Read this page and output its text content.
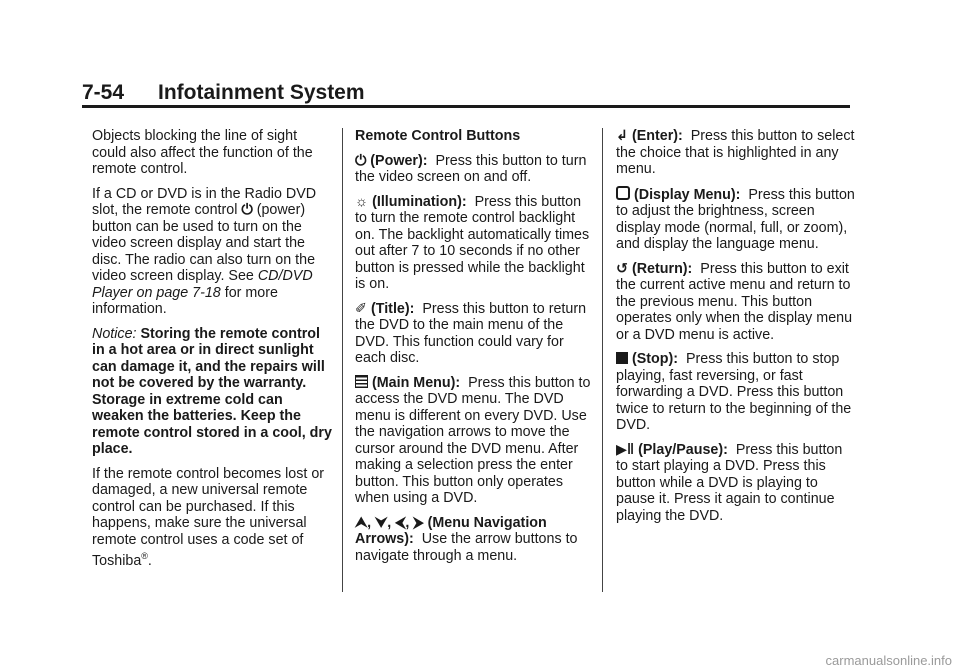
7-54	Infotainment System

Objects blocking the line of sight could also affect the function of the remote control.

If a CD or DVD is in the Radio DVD slot, the remote control ⏻ (power) button can be used to turn on the video screen display and start the disc. The radio can also turn on the video screen display. See CD/DVD Player on page 7-18 for more information.

Notice: Storing the remote control in a hot area or in direct sunlight can damage it, and the repairs will not be covered by the warranty. Storage in extreme cold can weaken the batteries. Keep the remote control stored in a cool, dry place.

If the remote control becomes lost or damaged, a new universal remote control can be purchased. If this happens, make sure the universal remote control uses a code set of Toshiba®.

Remote Control Buttons

⏻ (Power): Press this button to turn the video screen on and off.

☼ (Illumination): Press this button to turn the remote control backlight on. The backlight automatically times out after 7 to 10 seconds if no other button is pressed while the backlight is on.

✐ (Title): Press this button to return the DVD to the main menu of the DVD. This function could vary for each disc.

(Main Menu): Press this button to access the DVD menu. The DVD menu is different on every DVD. Use the navigation arrows to move the cursor around the DVD menu. After making a selection press the enter button. This button only operates when using a DVD.

⮝, ⮟, ⮜, ⮞ (Menu Navigation Arrows): Use the arrow buttons to navigate through a menu.

↲ (Enter): Press this button to select the choice that is highlighted in any menu.

(Display Menu): Press this button to adjust the brightness, screen display mode (normal, full, or zoom), and display the language menu.

↺ (Return): Press this button to exit the current active menu and return to the previous menu. This button operates only when the display menu or a DVD menu is active.

(Stop): Press this button to stop playing, fast reversing, or fast forwarding a DVD. Press this button twice to return to the beginning of the DVD.

▶‖ (Play/Pause): Press this button to start playing a DVD. Press this button while a DVD is playing to pause it. Press it again to continue playing the DVD.

carmanualsonline.info
